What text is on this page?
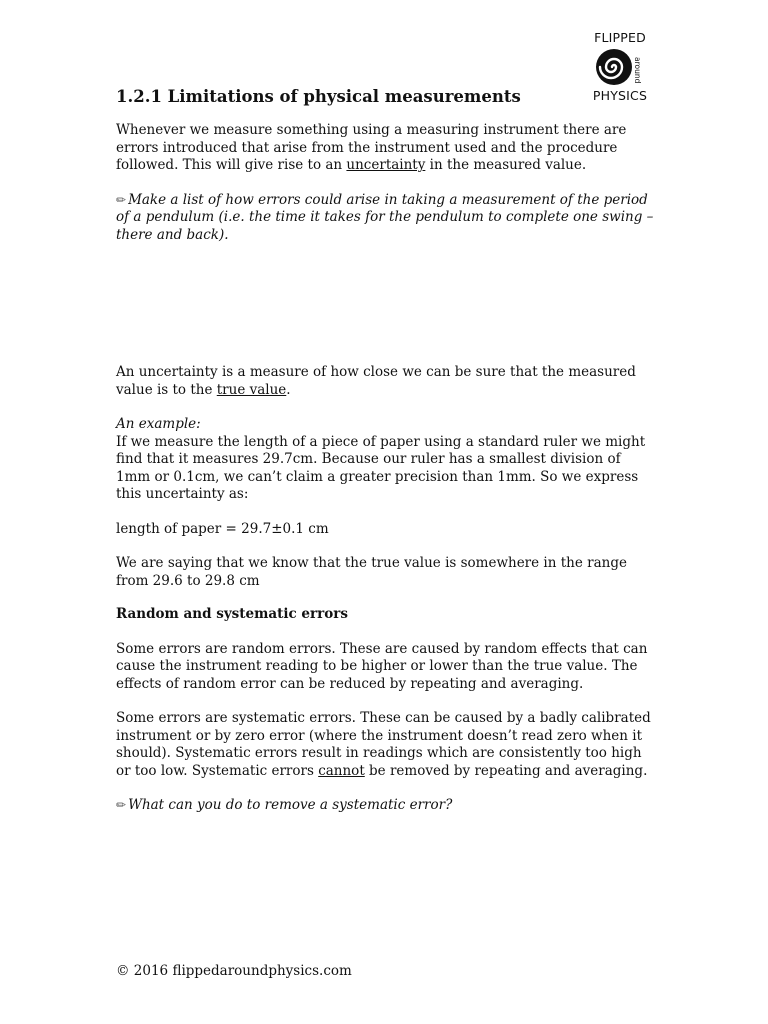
FLIPPED
around
PHYSICS
1.2.1 Limitations of physical measurements

Whenever we measure something using a measuring instrument there are errors introduced that arise from the instrument used and the procedure followed. This will give rise to an uncertainty in the measured value.

✏ Make a list of how errors could arise in taking a measurement of the period of a pendulum (i.e. the time it takes for the pendulum to complete one swing – there and back).

An uncertainty is a measure of how close we can be sure that the measured value is to the true value.

An example:

If we measure the length of a piece of paper using a standard ruler we might find that it measures 29.7cm. Because our ruler has a smallest division of 1mm or 0.1cm, we can’t claim a greater precision than 1mm. So we express this uncertainty as:

length of paper = 29.7±0.1 cm

We are saying that we know that the true value is somewhere in the range from 29.6 to 29.8 cm

Random and systematic errors

Some errors are random errors. These are caused by random effects that can cause the instrument reading to be higher or lower than the true value. The effects of random error can be reduced by repeating and averaging.

Some errors are systematic errors. These can be caused by a badly calibrated instrument or by zero error (where the instrument doesn’t read zero when it should). Systematic errors result in readings which are consistently too high or too low. Systematic errors cannot be removed by repeating and averaging.

✏ What can you do to remove a systematic error?

© 2016 flippedaroundphysics.com
